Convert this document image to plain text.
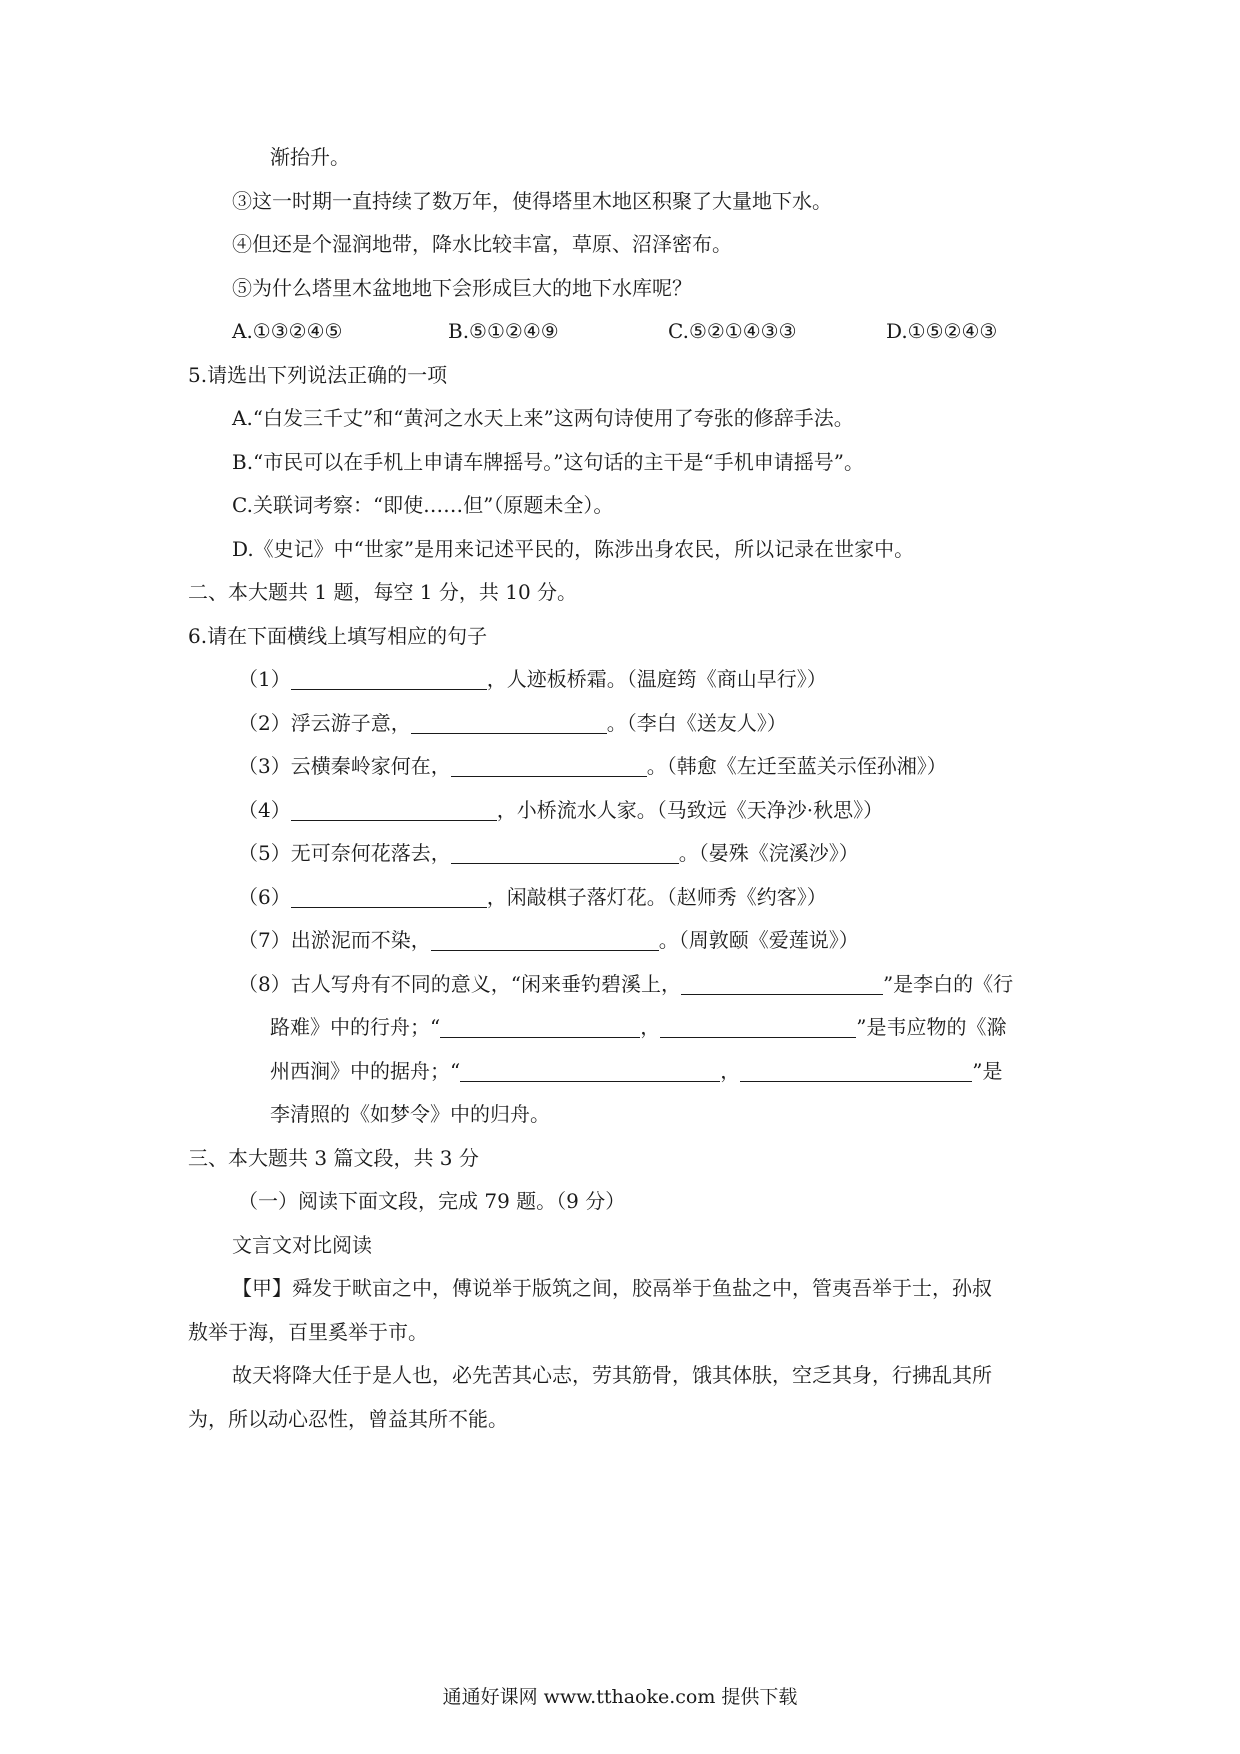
渐抬升。
③这一时期一直持续了数万年，使得塔里木地区积聚了大量地下水。
④但还是个湿润地带，降水比较丰富，草原、沼泽密布。
⑤为什么塔里木盆地地下会形成巨大的地下水库呢？
A.①③②④⑤	B.⑤①②④⑨	C.⑤②①④③③	D.①⑤②④③
5.请选出下列说法正确的一项
A.“白发三千丈”和“黄河之水天上来”这两句诗使用了夸张的修辞手法。
B.“市民可以在手机上申请车牌摇号。”这句话的主干是“手机申请摇号”。
C.关联词考察：“即使……但”（原题未全）。
D.《史记》中“世家”是用来记述平民的，陈涉出身农民，所以记录在世家中。
二、本大题共 1 题，每空 1 分，共 10 分。
6.请在下面横线上填写相应的句子
（1）	，人迹板桥霜。（温庭筠《商山早行》）
（2）浮云游子意，	。（李白《送友人》）
（3）云横秦岭家何在，	。（韩愈《左迁至蓝关示侄孙湘》）
（4）	，小桥流水人家。（马致远《天净沙·秋思》）
（5）无可奈何花落去，	。（晏殊《浣溪沙》）
（6）	，闲敲棋子落灯花。（赵师秀《约客》）
（7）出淤泥而不染，	。（周敦颐《爱莲说》）
（8）古人写舟有不同的意义，“闲来垂钓碧溪上，	”是李白的《行
路难》中的行舟；“	，	”是韦应物的《滁
州西涧》中的据舟；“	，	”是
李清照的《如梦令》中的归舟。
三、本大题共 3 篇文段，共 3 分
（一）阅读下面文段，完成 79 题。（9 分）
文言文对比阅读
【甲】舜发于畎亩之中，傅说举于版筑之间，胶鬲举于鱼盐之中，管夷吾举于士，孙叔
敖举于海，百里奚举于市。
故天将降大任于是人也，必先苦其心志，劳其筋骨，饿其体肤，空乏其身，行拂乱其所
为，所以动心忍性，曾益其所不能。
通通好课网 www.tthaoke.com 提供下载
